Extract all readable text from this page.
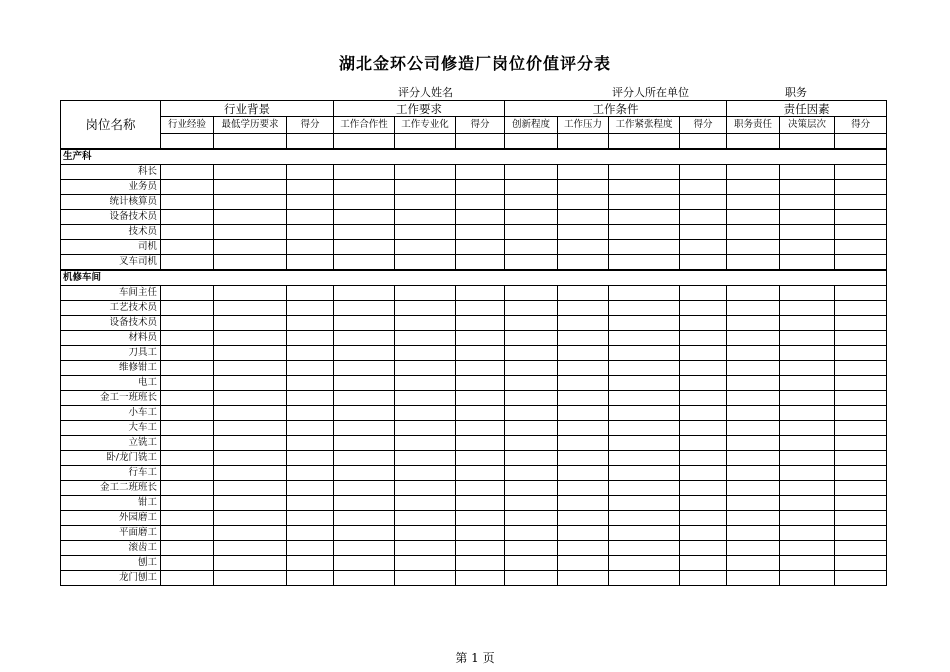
湖北金环公司修造厂岗位价值评分表
评分人姓名	评分人所在单位	职务
岗位名称	行业背景			工作要求			工作条件				责任因素		
	行业经验	最低学历要求	得分	工作合作性	工作专业化	得分	创新程度	工作压力	工作紧张程度	得分	职务责任	决策层次	得分

生产科													
科长													
业务员													
统计核算员													
设备技术员													
技术员													
司机													
叉车司机													
机修车间													
车间主任													
工艺技术员													
设备技术员													
材料员													
刀具工													
维修钳工													
电工													
金工一班班长													
小车工													
大车工													
立铣工													
卧/龙门铣工													
行车工													
金工二班班长													
钳工													
外园磨工													
平面磨工													
滚齿工													
刨工													
龙门刨工													
第 1 页
